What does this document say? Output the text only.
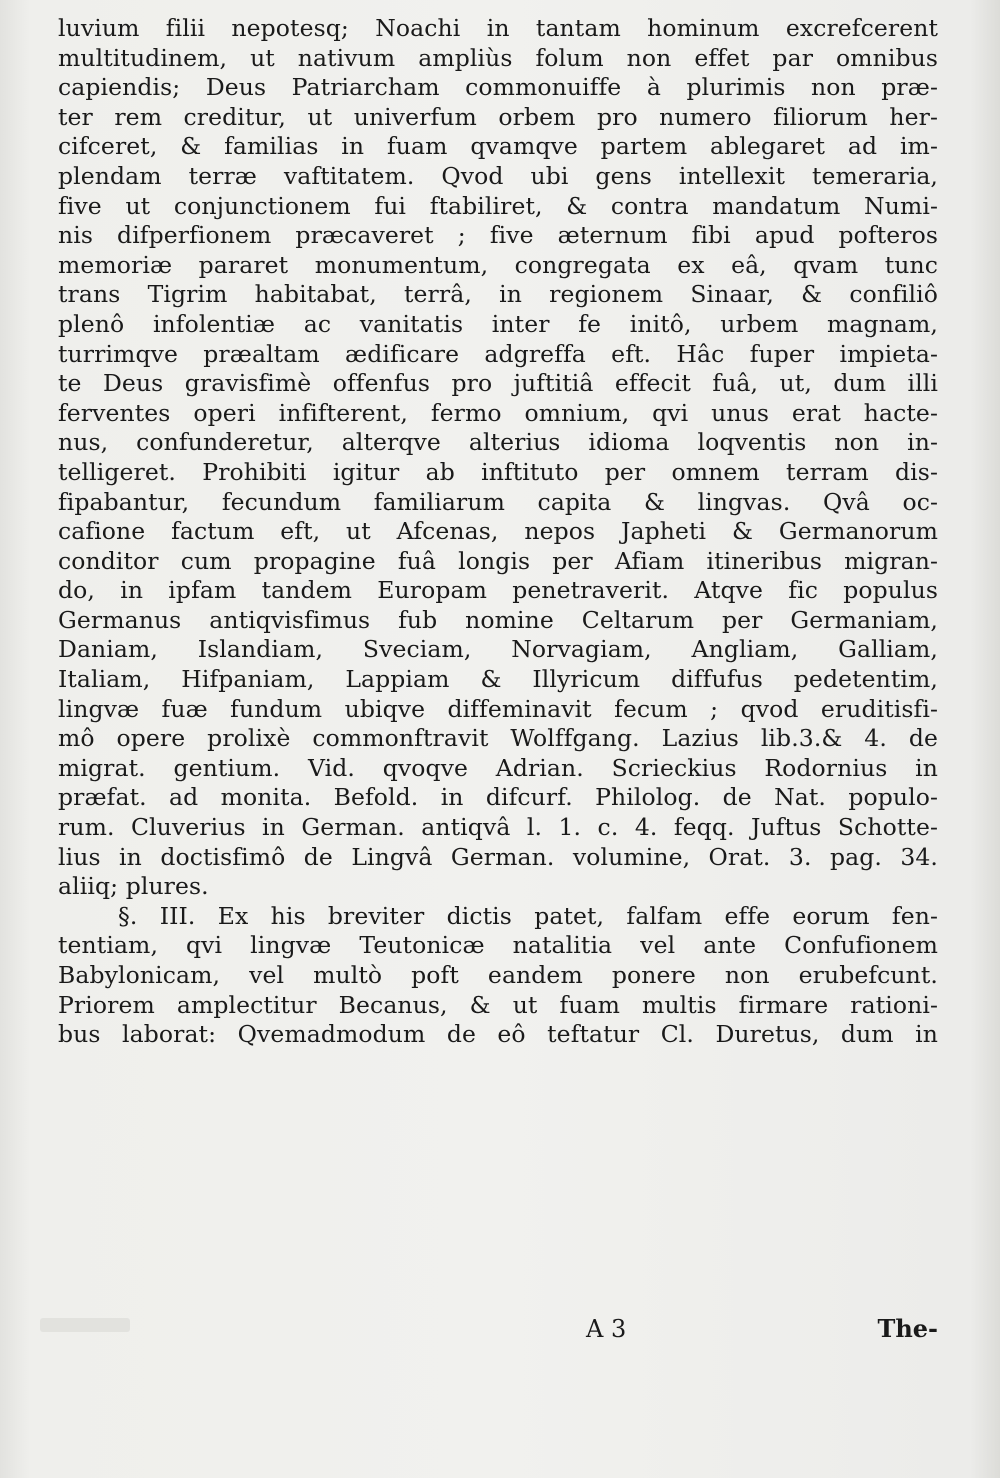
luvium filii nepotesq; Noachi in tantam hominum excrefcerent
multitudinem, ut nativum ampliùs folum non effet par omnibus
capiendis; Deus Patriarcham commonuiffe à plurimis non præ-
ter rem creditur, ut univerfum orbem pro numero filiorum her-
cifceret, & familias in fuam qvamqve partem ablegaret ad im-
plendam terræ vaftitatem. Qvod ubi gens intellexit temeraria,
five ut conjunctionem fui ftabiliret, & contra mandatum Numi-
nis difperfionem præcaveret ; five æternum fibi apud pofteros
memoriæ pararet monumentum, congregata ex eâ, qvam tunc
trans Tigrim habitabat, terrâ, in regionem Sinaar, & confiliô
plenô infolentiæ ac vanitatis inter fe initô, urbem magnam,
turrimqve præaltam ædificare adgreffa eft. Hâc fuper impieta-
te Deus gravisfimè offenfus pro juftitiâ effecit fuâ, ut, dum illi
ferventes operi infifterent, fermo omnium, qvi unus erat hacte-
nus, confunderetur, alterqve alterius idioma loqventis non in-
telligeret. Prohibiti igitur ab inftituto per omnem terram dis-
fipabantur, fecundum familiarum capita & lingvas. Qvâ oc-
cafione factum eft, ut Afcenas, nepos Japheti & Germanorum
conditor cum propagine fuâ longis per Afiam itineribus migran-
do, in ipfam tandem Europam penetraverit. Atqve fic populus
Germanus antiqvisfimus fub nomine Celtarum per Germaniam,
Daniam, Islandiam, Sveciam, Norvagiam, Angliam, Galliam,
Italiam, Hifpaniam, Lappiam & Illyricum diffufus pedetentim,
lingvæ fuæ fundum ubiqve diffeminavit fecum ; qvod eruditisfi-
mô opere prolixè commonftravit Wolffgang. Lazius lib.3.& 4. de
migrat. gentium. Vid. qvoqve Adrian. Scrieckius Rodornius in
præfat. ad monita. Befold. in difcurf. Philolog. de Nat. populo-
rum. Cluverius in German. antiqvâ l. 1. c. 4. feqq. Juftus Schotte-
lius in doctisfimô de Lingvâ German. volumine, Orat. 3. pag. 34.
aliiq; plures.
§. III. Ex his breviter dictis patet, falfam effe eorum fen-
tentiam, qvi lingvæ Teutonicæ natalitia vel ante Confufionem
Babylonicam, vel multò poft eandem ponere non erubefcunt.
Priorem amplectitur Becanus, & ut fuam multis firmare rationi-
bus laborat: Qvemadmodum de eô teftatur Cl. Duretus, dum in
A 3	The-
